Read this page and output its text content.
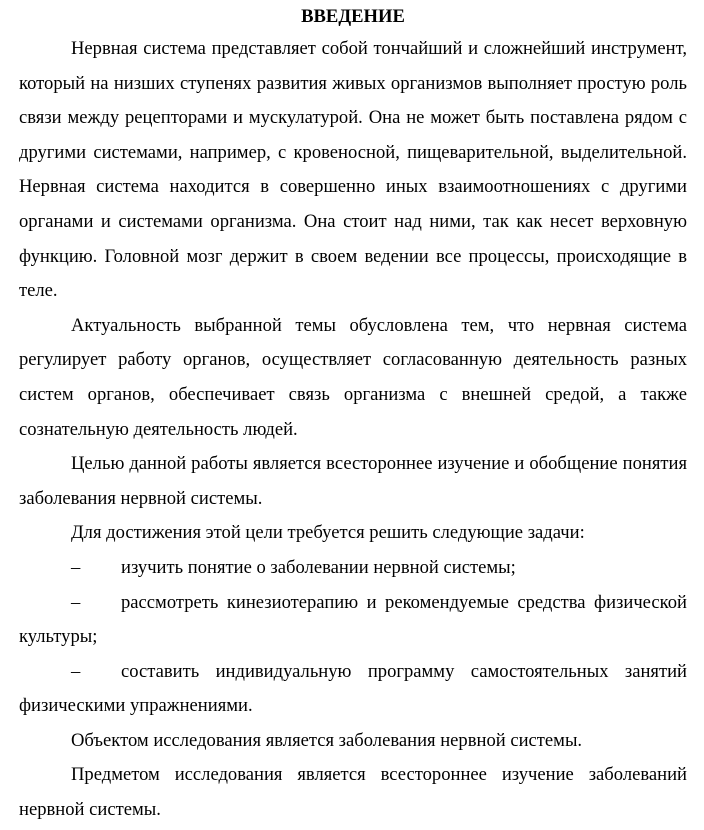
ВВЕДЕНИЕ

Нервная система представляет собой тончайший и сложнейший инструмент, который на низших ступенях развития живых организмов выполняет простую роль связи между рецепторами и мускулатурой. Она не может быть поставлена рядом с другими системами, например, с кровеносной, пищеварительной, выделительной. Нервная система находится в совершенно иных взаимоотношениях с другими органами и системами организма. Она стоит над ними, так как несет верховную функцию. Головной мозг держит в своем ведении все процессы, происходящие в теле.

Актуальность выбранной темы обусловлена тем, что нервная система регулирует работу органов, осуществляет согласованную деятельность разных систем органов, обеспечивает связь организма с внешней средой, а также сознательную деятельность людей.

Целью данной работы является всестороннее изучение и обобщение понятия заболевания нервной системы.

Для достижения этой цели требуется решить следующие задачи:

– изучить понятие о заболевании нервной системы;

– рассмотреть кинезиотерапию и рекомендуемые средства физической культуры;

– составить индивидуальную программу самостоятельных занятий физическими упражнениями.

Объектом исследования является заболевания нервной системы.

Предметом исследования является всестороннее изучение заболеваний нервной системы.
